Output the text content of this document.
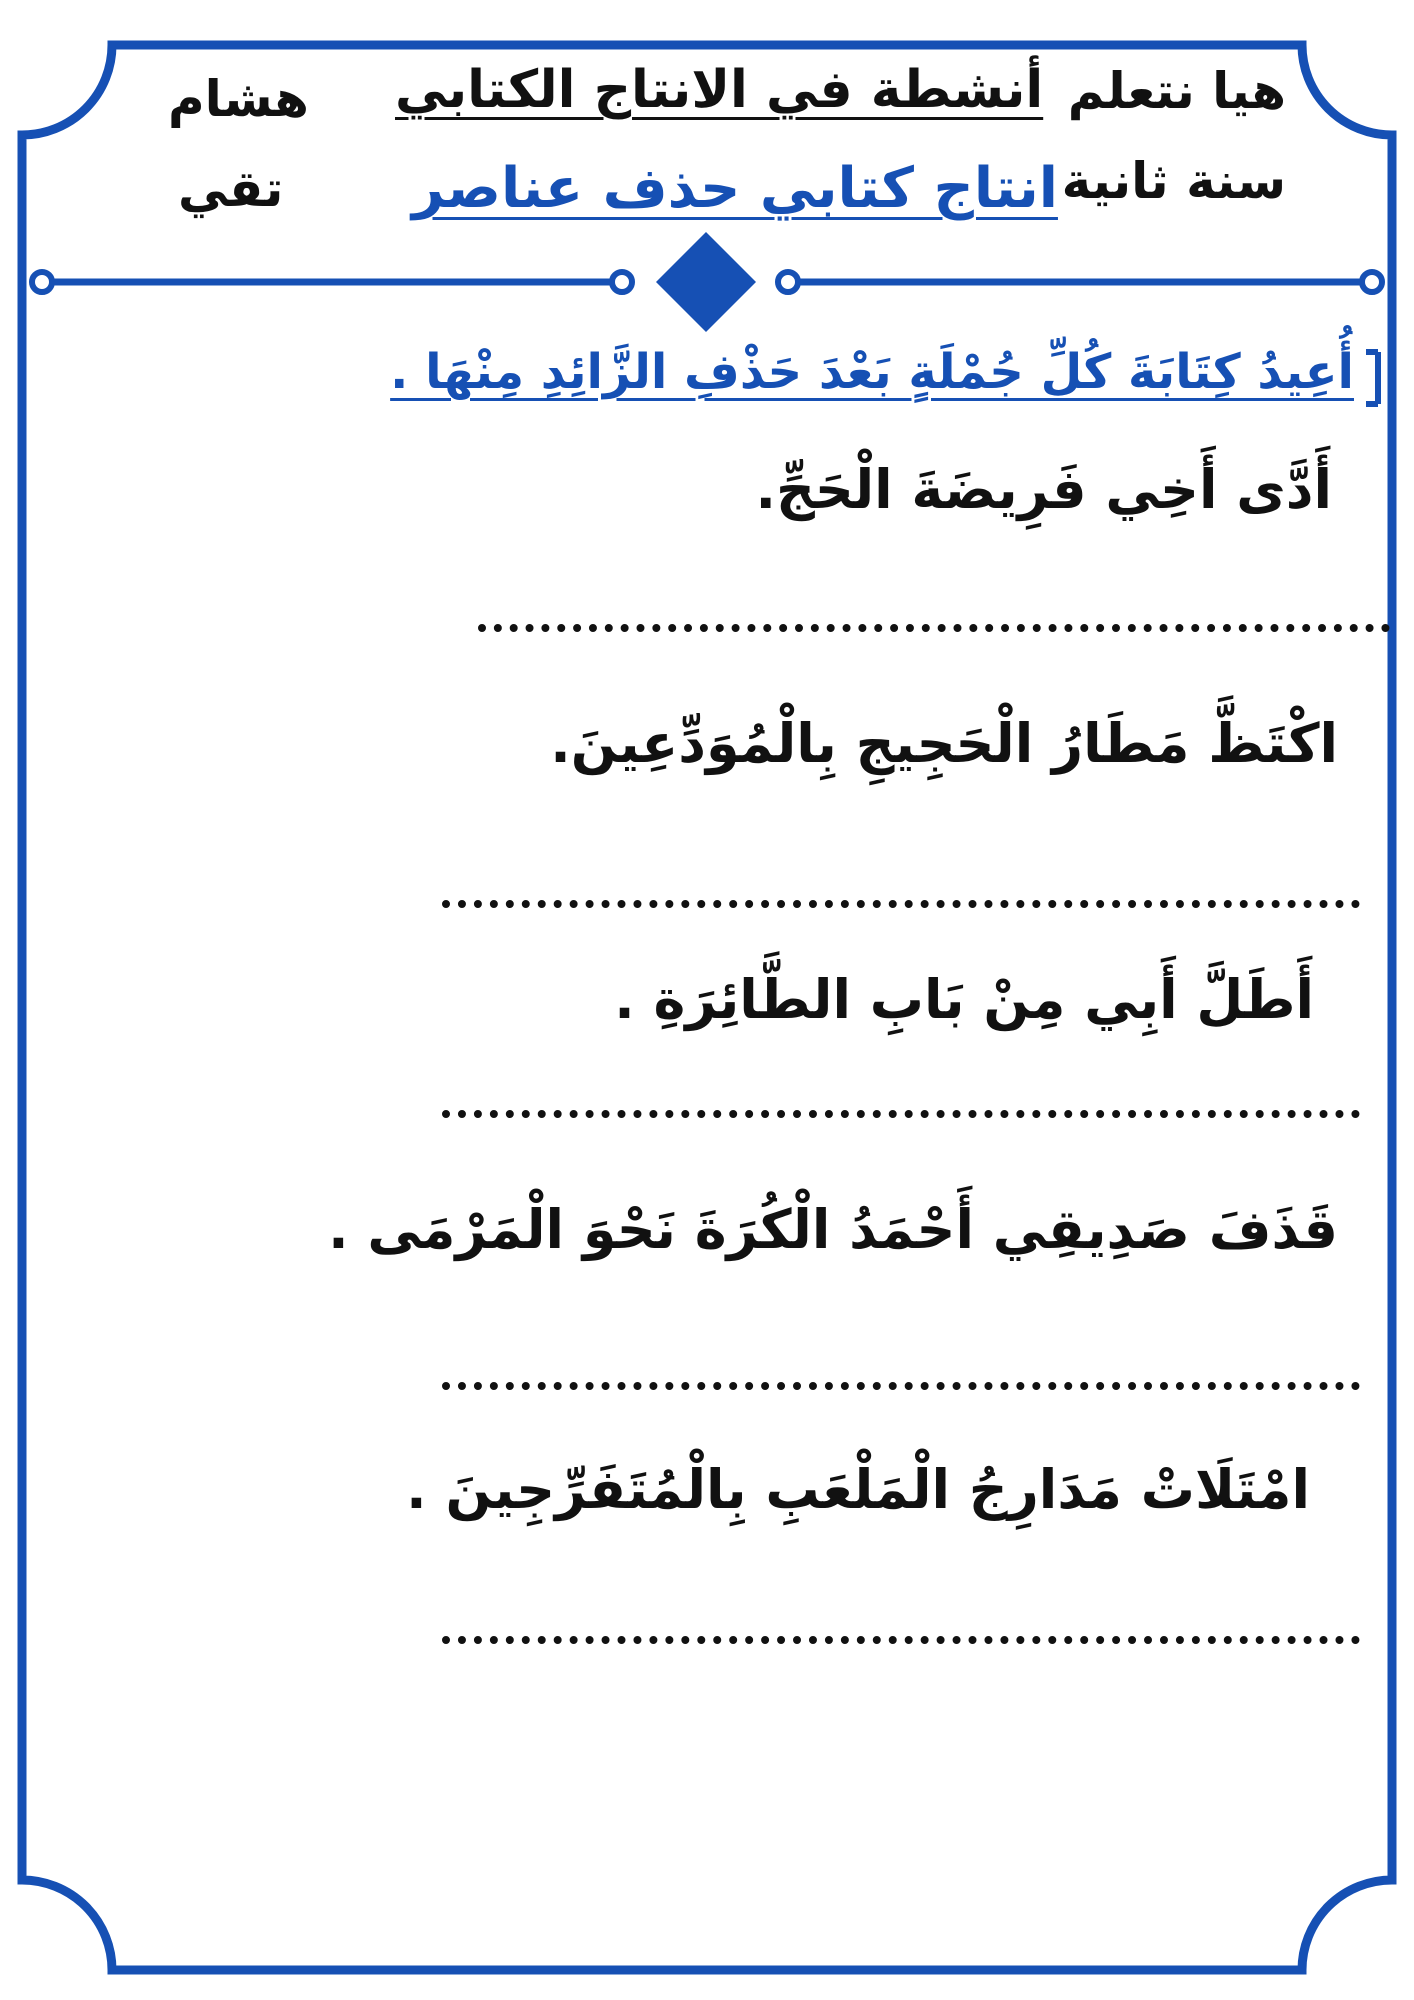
هيا نتعلم
سنة ثانية
أنشطة في الانتاج الكتابي
انتاج كتابي حذف عناصر
هشام
تقي
أُعِيدُ كِتَابَةَ كُلِّ جُمْلَةٍ بَعْدَ حَذْفِ الزَّائِدِ مِنْهَا .
أَدَّى أَخِي فَرِيضَةَ الْحَجِّ.
اكْتَظَّ مَطَارُ الْحَجِيجِ بِالْمُوَدِّعِينَ.
أَطَلَّ أَبِي مِنْ بَابِ الطَّائِرَةِ .
قَذَفَ صَدِيقِي أَحْمَدُ الْكُرَةَ نَحْوَ الْمَرْمَى .
امْتَلَاتْ مَدَارِجُ الْمَلْعَبِ بِالْمُتَفَرِّجِينَ .
